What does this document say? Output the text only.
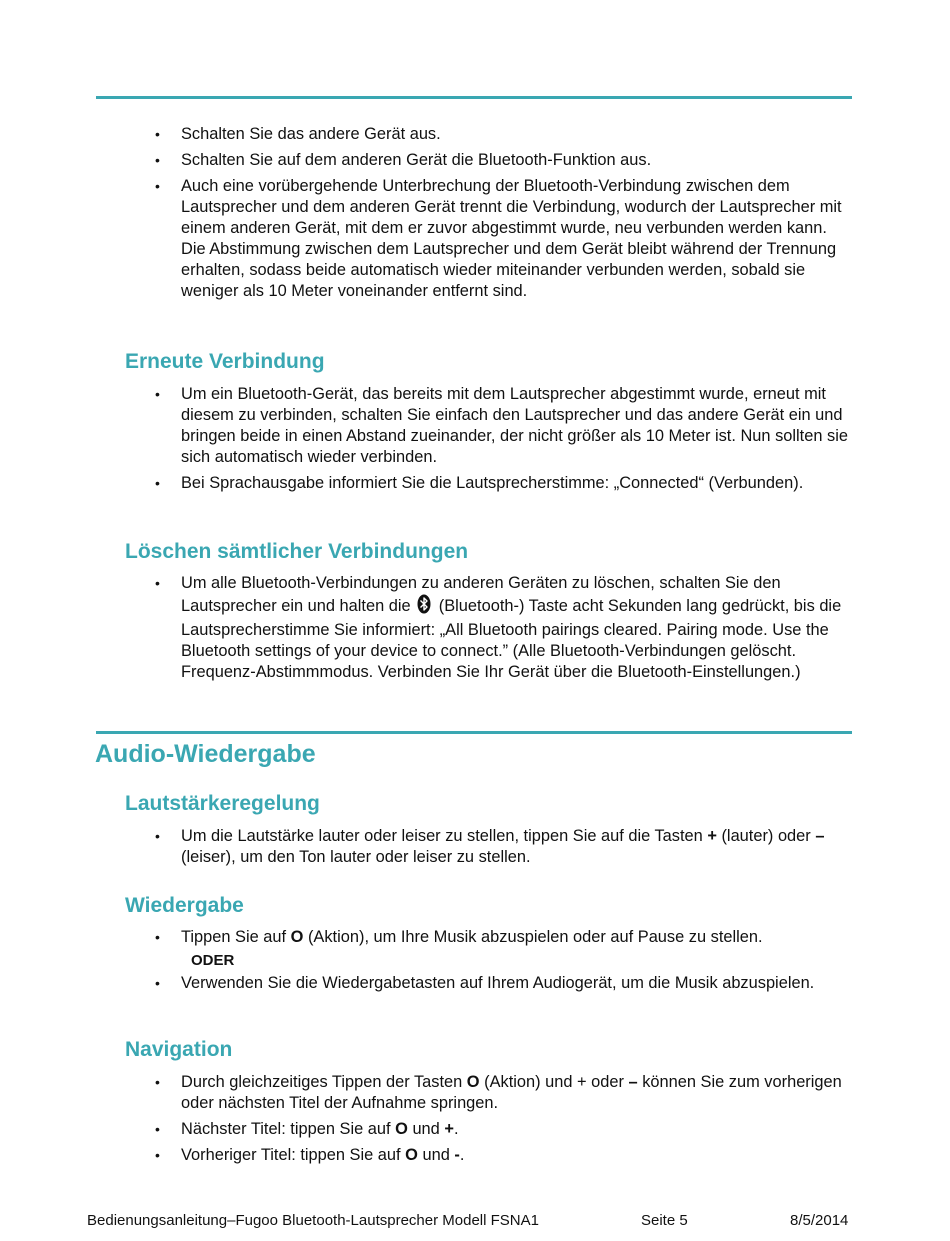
• Schalten Sie das andere Gerät aus.
• Schalten Sie auf dem anderen Gerät die Bluetooth-Funktion aus.
• Auch eine vorübergehende Unterbrechung der Bluetooth-Verbindung zwischen dem Lautsprecher und dem anderen Gerät trennt die Verbindung, wodurch der Lautsprecher mit einem anderen Gerät, mit dem er zuvor abgestimmt wurde, neu verbunden werden kann. Die Abstimmung zwischen dem Lautsprecher und dem Gerät bleibt während der Trennung erhalten, sodass beide automatisch wieder miteinander verbunden werden, sobald sie weniger als 10 Meter voneinander entfernt sind.
Erneute Verbindung
• Um ein Bluetooth-Gerät, das bereits mit dem Lautsprecher abgestimmt wurde, erneut mit diesem zu verbinden, schalten Sie einfach den Lautsprecher und das andere Gerät ein und bringen beide in einen Abstand zueinander, der nicht größer als 10 Meter ist. Nun sollten sie sich automatisch wieder verbinden.
• Bei Sprachausgabe informiert Sie die Lautsprecherstimme: „Connected“ (Verbunden).
Löschen sämtlicher Verbindungen
• Um alle Bluetooth-Verbindungen zu anderen Geräten zu löschen, schalten Sie den Lautsprecher ein und halten die (Bluetooth-) Taste acht Sekunden lang gedrückt, bis die Lautsprecherstimme Sie informiert: „All Bluetooth pairings cleared. Pairing mode. Use the Bluetooth settings of your device to connect.” (Alle Bluetooth-Verbindungen gelöscht. Frequenz-Abstimmmodus. Verbinden Sie Ihr Gerät über die Bluetooth-Einstellungen.)
Audio-Wiedergabe
Lautstärkeregelung
• Um die Lautstärke lauter oder leiser zu stellen, tippen Sie auf die Tasten + (lauter) oder – (leiser), um den Ton lauter oder leiser zu stellen.
Wiedergabe
• Tippen Sie auf O (Aktion), um Ihre Musik abzuspielen oder auf Pause zu stellen.
ODER
• Verwenden Sie die Wiedergabetasten auf Ihrem Audiogerät, um die Musik abzuspielen.
Navigation
• Durch gleichzeitiges Tippen der Tasten O (Aktion) und + oder – können Sie zum vorherigen oder nächsten Titel der Aufnahme springen.
• Nächster Titel: tippen Sie auf O und +.
• Vorheriger Titel: tippen Sie auf O und -.
Bedienungsanleitung–Fugoo Bluetooth-Lautsprecher Modell FSNA1	Seite 5	8/5/2014
